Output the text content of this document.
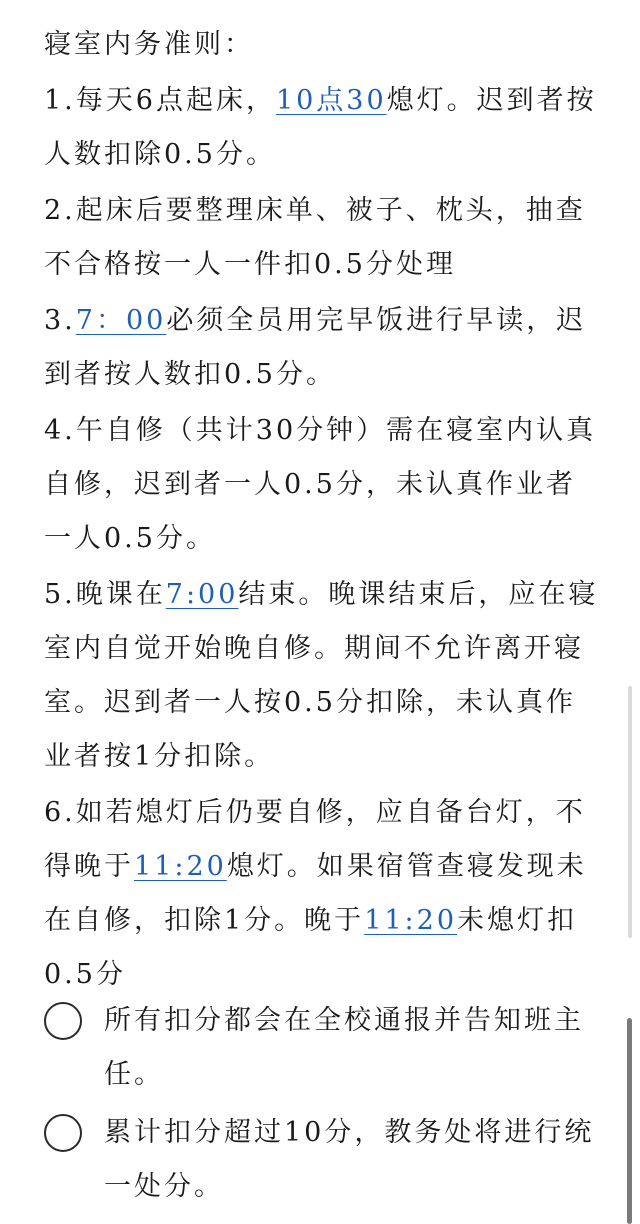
寝室内务准则：

1.每天6点起床，10点30熄灯。迟到者按人数扣除0.5分。

2.起床后要整理床单、被子、枕头，抽查不合格按一人一件扣0.5分处理

3.7：00必须全员用完早饭进行早读，迟到者按人数扣0.5分。

4.午自修（共计30分钟）需在寝室内认真自修，迟到者一人0.5分，未认真作业者一人0.5分。

5.晚课在7:00结束。晚课结束后，应在寝室内自觉开始晚自修。期间不允许离开寝室。迟到者一人按0.5分扣除，未认真作业者按1分扣除。

6.如若熄灯后仍要自修，应自备台灯，不得晚于11:20熄灯。如果宿管查寝发现未在自修，扣除1分。晚于11:20未熄灯扣0.5分

所有扣分都会在全校通报并告知班主任。
累计扣分超过10分，教务处将进行统一处分。
